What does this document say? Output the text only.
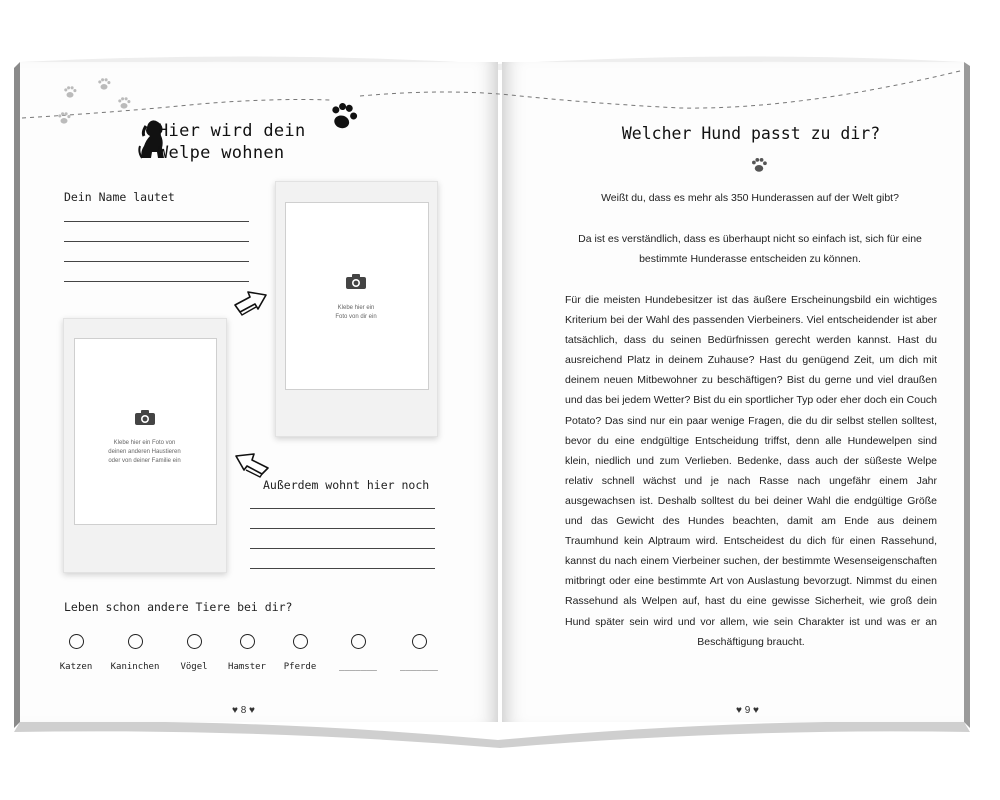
Hier wird dein
Welpe wohnen
Dein Name lautet
Klebe hier ein
Foto von dir ein
Klebe hier ein Foto von
deinen anderen Haustieren
oder von deiner Familie ein
Außerdem wohnt hier noch
Leben schon andere Tiere bei dir?
Katzen	Kaninchen	Vögel	Hamster	Pferde	_______	_______
♥ 8 ♥
Welcher Hund passt zu dir?
Weißt du, dass es mehr als 350 Hunderassen auf der Welt gibt?
Da ist es verständlich, dass es überhaupt nicht so einfach ist, sich für eine
bestimmte Hunderasse entscheiden zu können.
Für die meisten Hundebesitzer ist das äußere Erscheinungsbild ein wichtiges Kriterium bei der Wahl des passenden Vierbeiners. Viel entscheidender ist aber tatsächlich, dass du seinen Bedürfnissen gerecht werden kannst. Hast du ausreichend Platz in deinem Zuhause? Hast du genügend Zeit, um dich mit deinem neuen Mitbewohner zu beschäftigen? Bist du gerne und viel draußen und das bei jedem Wetter? Bist du ein sportlicher Typ oder eher doch ein Couch Potato? Das sind nur ein paar wenige Fragen, die du dir selbst stellen solltest, bevor du eine endgültige Entscheidung triffst, denn alle Hundewelpen sind klein, niedlich und zum Verlieben. Bedenke, dass auch der süßeste Welpe relativ schnell wächst und je nach Rasse nach ungefähr einem Jahr ausgewachsen ist. Deshalb solltest du bei deiner Wahl die endgültige Größe und das Gewicht des Hundes beachten, damit am Ende aus deinem Traumhund kein Alptraum wird. Entscheidest du dich für einen Rassehund, kannst du nach einem Vierbeiner suchen, der bestimmte Wesenseigenschaften mitbringt oder eine bestimmte Art von Auslastung bevorzugt. Nimmst du einen Rassehund als Welpen auf, hast du eine gewisse Sicherheit, wie groß dein Hund später sein wird und vor allem, wie sein Charakter ist und was er an Beschäftigung braucht.
♥ 9 ♥
